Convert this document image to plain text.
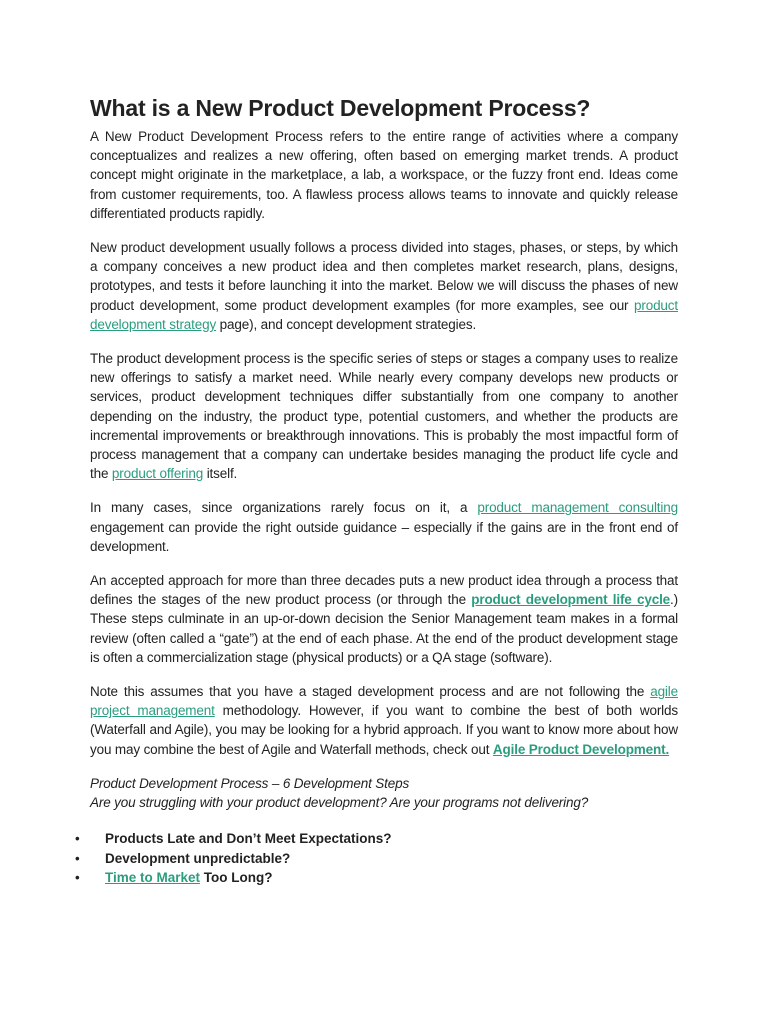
What is a New Product Development Process?

A New Product Development Process refers to the entire range of activities where a company conceptualizes and realizes a new offering, often based on emerging market trends. A product concept might originate in the marketplace, a lab, a workspace, or the fuzzy front end. Ideas come from customer requirements, too. A flawless process allows teams to innovate and quickly release differentiated products rapidly.

New product development usually follows a process divided into stages, phases, or steps, by which a company conceives a new product idea and then completes market research, plans, designs, prototypes, and tests it before launching it into the market. Below we will discuss the phases of new product development, some product development examples (for more examples, see our product development strategy page), and concept development strategies.

The product development process is the specific series of steps or stages a company uses to realize new offerings to satisfy a market need. While nearly every company develops new products or services, product development techniques differ substantially from one company to another depending on the industry, the product type, potential customers, and whether the products are incremental improvements or breakthrough innovations. This is probably the most impactful form of process management that a company can undertake besides managing the product life cycle and the product offering itself.

In many cases, since organizations rarely focus on it, a product management consulting engagement can provide the right outside guidance – especially if the gains are in the front end of development.

An accepted approach for more than three decades puts a new product idea through a process that defines the stages of the new product process (or through the product development life cycle.) These steps culminate in an up-or-down decision the Senior Management team makes in a formal review (often called a “gate”) at the end of each phase. At the end of the product development stage is often a commercialization stage (physical products) or a QA stage (software).

Note this assumes that you have a staged development process and are not following the agile project management methodology. However, if you want to combine the best of both worlds (Waterfall and Agile), you may be looking for a hybrid approach. If you want to know more about how you may combine the best of Agile and Waterfall methods, check out Agile Product Development.

Product Development Process – 6 Development Steps
Are you struggling with your product development? Are your programs not delivering?

• Products Late and Don’t Meet Expectations?
• Development unpredictable?
• Time to Market Too Long?
